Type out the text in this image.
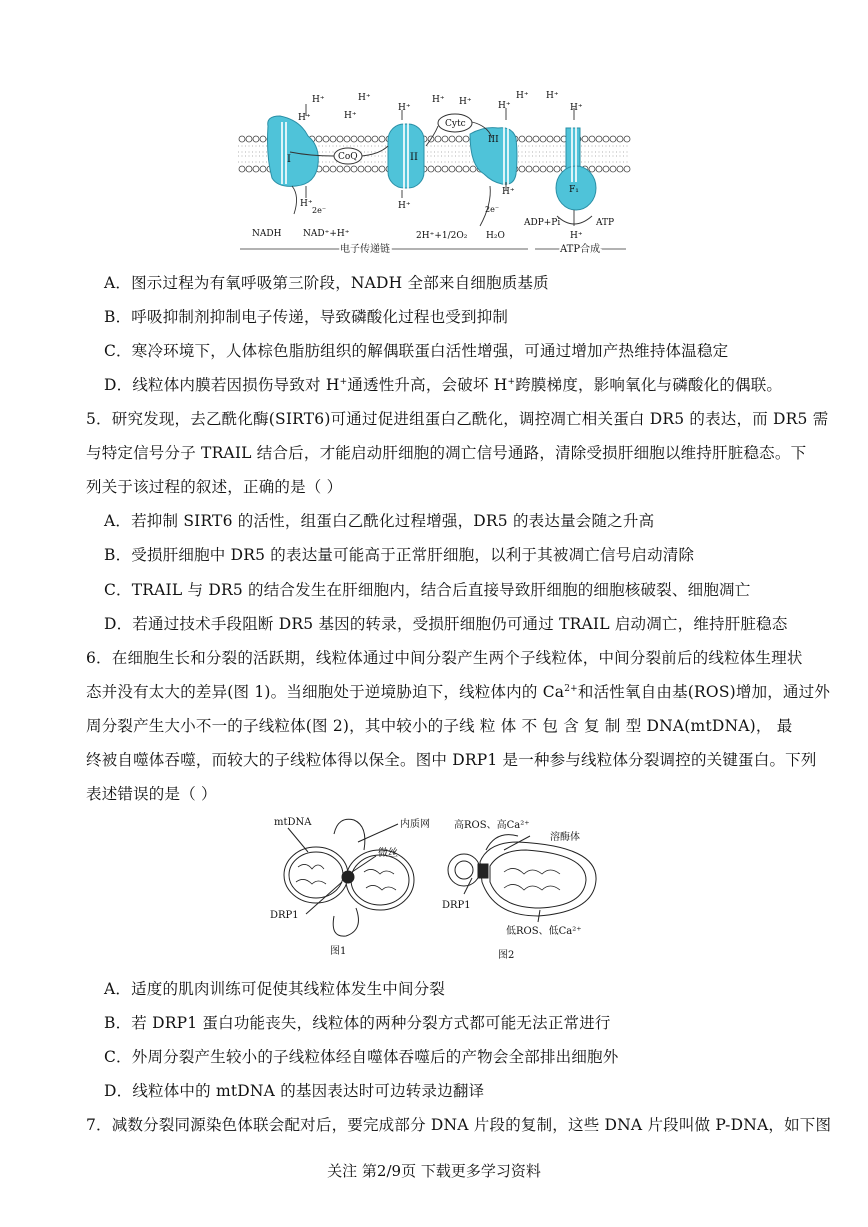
H⁺	H⁺
H⁺	H⁺
H⁺
H⁺ H⁺	H⁺
H⁺ H⁺
H⁺
H⁺	H⁺
H⁺
H⁺
I	II
III
CoQ
Cytc
F₁
2e⁻	2e⁻
NADH NAD⁺+H⁺	2H⁺+1/2O₂ H₂O
ADP+Pi	ATP
电子传递链	ATP合成
A．图示过程为有氧呼吸第三阶段，NADH 全部来自细胞质基质
B．呼吸抑制剂抑制电子传递，导致磷酸化过程也受到抑制
C．寒冷环境下，人体棕色脂肪组织的解偶联蛋白活性增强，可通过增加产热维持体温稳定
D．线粒体内膜若因损伤导致对 H+通透性升高，会破坏 H+跨膜梯度，影响氧化与磷酸化的偶联。
5．研究发现，去乙酰化酶(SIRT6)可通过促进组蛋白乙酰化，调控凋亡相关蛋白 DR5 的表达，而 DR5 需
与特定信号分子 TRAIL 结合后，才能启动肝细胞的凋亡信号通路，清除受损肝细胞以维持肝脏稳态。下
列关于该过程的叙述，正确的是（ ）
A．若抑制 SIRT6 的活性，组蛋白乙酰化过程增强，DR5 的表达量会随之升高
B．受损肝细胞中 DR5 的表达量可能高于正常肝细胞，以利于其被凋亡信号启动清除
C．TRAIL 与 DR5 的结合发生在肝细胞内，结合后直接导致肝细胞的细胞核破裂、细胞凋亡
D．若通过技术手段阻断 DR5 基因的转录，受损肝细胞仍可通过 TRAIL 启动凋亡，维持肝脏稳态
6．在细胞生长和分裂的活跃期，线粒体通过中间分裂产生两个子线粒体，中间分裂前后的线粒体生理状
态并没有太大的差异(图 1)。当细胞处于逆境胁迫下，线粒体内的 $Ca^{2+}$和活性氧自由基(ROS)增加，通过外
周分裂产生大小不一的子线粒体(图 2)，其中较小的子线 粒 体 不 包 含 复 制 型 DNA(mtDNA)， 最
终被自噬体吞噬，而较大的子线粒体得以保全。图中 DRP1 是一种参与线粒体分裂调控的关键蛋白。下列
表述错误的是（ ）
mtDNA	内质网
微丝
DRP1
图1
高ROS、高Ca²⁺
溶酶体
DRP1
低ROS、低Ca²⁺
图2
A．适度的肌肉训练可促使其线粒体发生中间分裂
B．若 DRP1 蛋白功能丧失，线粒体的两种分裂方式都可能无法正常进行
C．外周分裂产生较小的子线粒体经自噬体吞噬后的产物会全部排出细胞外
D．线粒体中的 mtDNA 的基因表达时可边转录边翻译
7．减数分裂同源染色体联会配对后，要完成部分 DNA 片段的复制，这些 DNA 片段叫做 P-DNA，如下图
关注 第2/9页 下载更多学习资料
